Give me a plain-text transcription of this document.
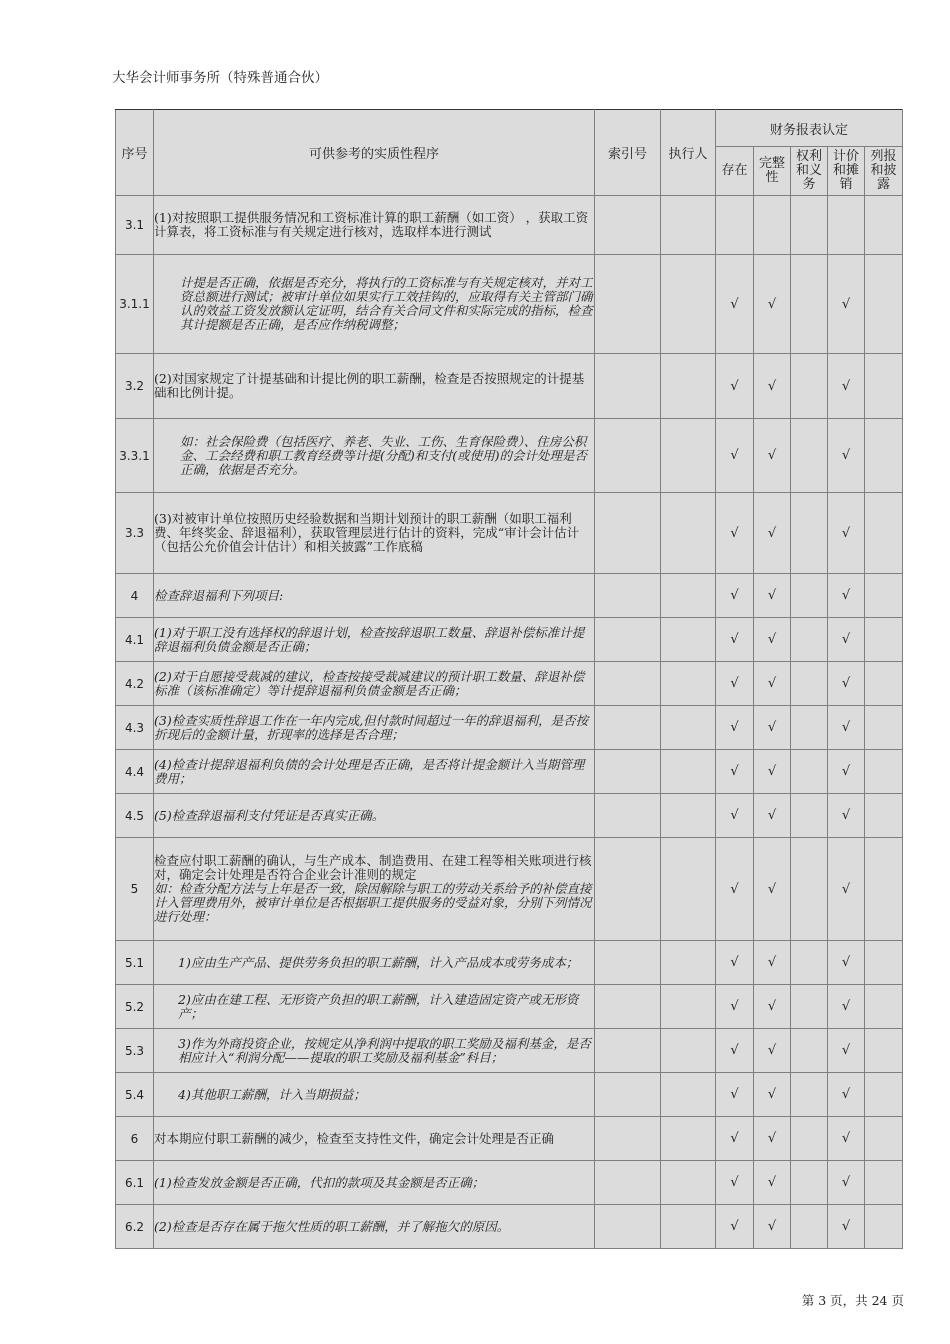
大华会计师事务所（特殊普通合伙）
序号	可供参考的实质性程序	索引号	执行人	财务报表认定				
				存在	完整性	权利和义务	计价和摊销	列报和披露
3.1	(1)对按照职工提供服务情况和工资标准计算的职工薪酬（如工资） ，获取工资计算表，将工资标准与有关规定进行核对，选取样本进行测试							
3.1.1	计提是否正确，依据是否充分，将执行的工资标准与有关规定核对，并对工资总额进行测试；被审计单位如果实行工效挂钩的，应取得有关主管部门确认的效益工资发放额认定证明，结合有关合同文件和实际完成的指标，检查其计提额是否正确，是否应作纳税调整；			√	√		√	
3.2	(2)对国家规定了计提基础和计提比例的职工薪酬，检查是否按照规定的计提基础和比例计提。			√	√		√	
3.3.1	如：社会保险费（包括医疗、养老、失业、工伤、生育保险费）、住房公积金、工会经费和职工教育经费等计提(分配)和支付(或使用)的会计处理是否正确，依据是否充分。			√	√		√	
3.3	(3)对被审计单位按照历史经验数据和当期计划预计的职工薪酬（如职工福利费、年终奖金、辞退福利），获取管理层进行估计的资料，完成“审计会计估计（包括公允价值会计估计）和相关披露”工作底稿			√	√		√	
4	检查辞退福利下列项目:			√	√		√	
4.1	(1)对于职工没有选择权的辞退计划，检查按辞退职工数量、辞退补偿标准计提辞退福利负债金额是否正确；			√	√		√	
4.2	(2)对于自愿接受裁减的建议，检查按接受裁减建议的预计职工数量、辞退补偿标准（该标准确定）等计提辞退福利负债金额是否正确；			√	√		√	
4.3	(3)检查实质性辞退工作在一年内完成,但付款时间超过一年的辞退福利，是否按折现后的金额计量，折现率的选择是否合理；			√	√		√	
4.4	(4)检查计提辞退福利负债的会计处理是否正确，是否将计提金额计入当期管理费用；			√	√		√	
4.5	(5)检查辞退福利支付凭证是否真实正确。			√	√		√	
5	检查应付职工薪酬的确认，与生产成本、制造费用、在建工程等相关账项进行核对，确定会计处理是否符合企业会计准则的规定
如：检查分配方法与上年是否一致，除因解除与职工的劳动关系给予的补偿直接计入管理费用外，被审计单位是否根据职工提供服务的受益对象，分别下列情况进行处理：			√	√		√	
5.1	1)应由生产产品、提供劳务负担的职工薪酬，计入产品成本或劳务成本；			√	√		√	
5.2	2)应由在建工程、无形资产负担的职工薪酬，计入建造固定资产或无形资产；			√	√		√	
5.3	3)作为外商投资企业，按规定从净利润中提取的职工奖励及福利基金，是否相应计入“利润分配——提取的职工奖励及福利基金”科目；			√	√		√	
5.4	4)其他职工薪酬，计入当期损益；			√	√		√	
6	对本期应付职工薪酬的减少，检查至支持性文件，确定会计处理是否正确			√	√		√	
6.1	(1)检查发放金额是否正确，代扣的款项及其金额是否正确；			√	√		√	
6.2	(2)检查是否存在属于拖欠性质的职工薪酬，并了解拖欠的原因。			√	√		√	
第 3 页，共 24 页
